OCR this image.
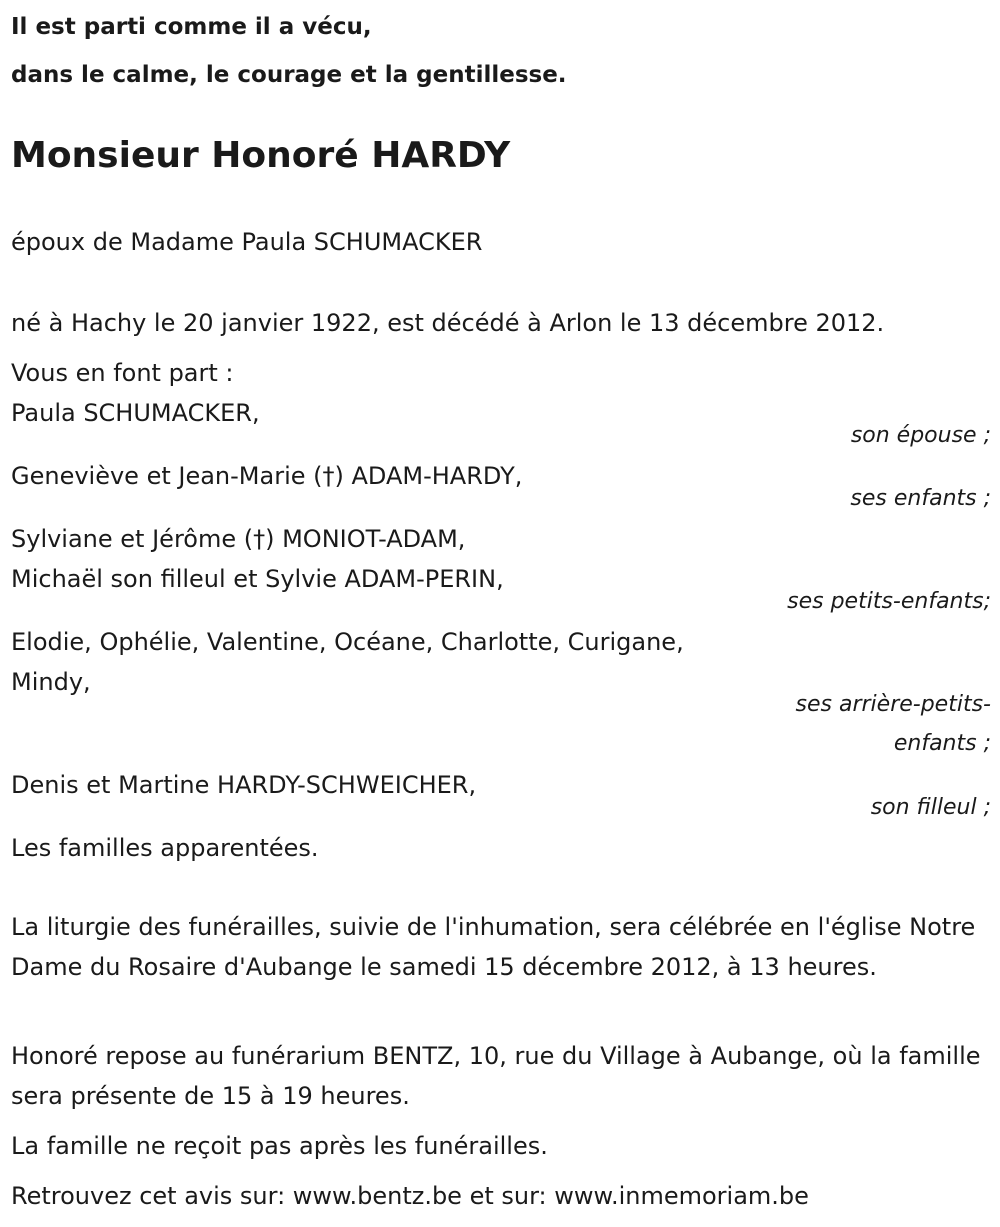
Il est parti comme il a vécu,
dans le calme, le courage et la gentillesse.
Monsieur Honoré HARDY
époux de Madame Paula SCHUMACKER
né à Hachy le 20 janvier 1922, est décédé à Arlon le 13 décembre 2012.
Vous en font part :
Paula SCHUMACKER,
son épouse ;
Geneviève et Jean-Marie (†) ADAM-HARDY,
ses enfants ;
Sylviane et Jérôme (†) MONIOT-ADAM,
Michaël son filleul et Sylvie ADAM-PERIN,
ses petits-enfants;
Elodie, Ophélie, Valentine, Océane, Charlotte, Curigane,
Mindy,
ses arrière-petits-
enfants ;
Denis et Martine HARDY-SCHWEICHER,
son filleul ;
Les familles apparentées.
La liturgie des funérailles, suivie de l'inhumation, sera célébrée en l'église Notre Dame du Rosaire d'Aubange le samedi 15 décembre 2012, à 13 heures.
Honoré repose au funérarium BENTZ, 10, rue du Village à Aubange, où la famille sera présente de 15 à 19 heures.
La famille ne reçoit pas après les funérailles.
Retrouvez cet avis sur: www.bentz.be et sur: www.inmemoriam.be
